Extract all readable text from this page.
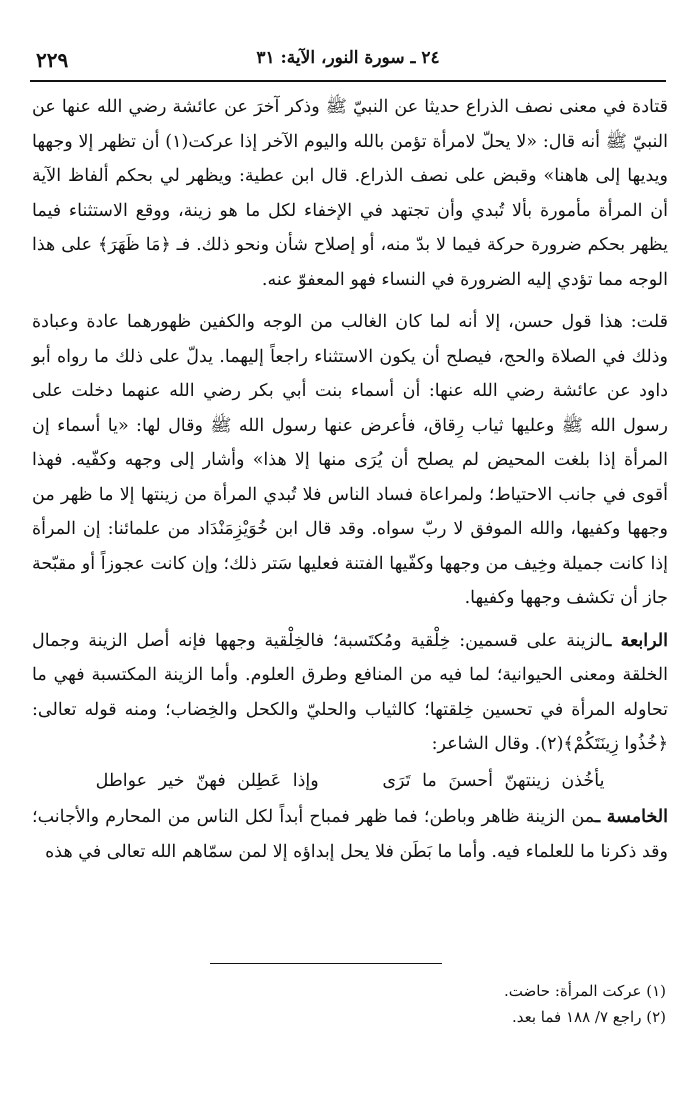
٢٤ ـ سورة النور، الآية: ٣١
٢٢٩

قتادة في معنى نصف الذراع حديثا عن النبيّ ﷺ وذكر آخرَ عن عائشة رضي الله عنها عن النبيّ ﷺ أنه قال: «لا يحلّ لامرأة تؤمن بالله واليوم الآخر إذا عركت(١) أن تظهر إلا وجهها ويديها إلى هاهنا» وقبض على نصف الذراع. قال ابن عطية: ويظهر لي بحكم ألفاظ الآية أن المرأة مأمورة بألا تُبدي وأن تجتهد في الإخفاء لكل ما هو زينة، ووقع الاستثناء فيما يظهر بحكم ضرورة حركة فيما لا بدّ منه، أو إصلاح شأن ونحو ذلك. فـ ﴿مَا ظَهَرَ﴾ على هذا الوجه مما تؤدي إليه الضرورة في النساء فهو المعفوّ عنه.

قلت: هذا قول حسن، إلا أنه لما كان الغالب من الوجه والكفين ظهورهما عادة وعبادة وذلك في الصلاة والحج، فيصلح أن يكون الاستثناء راجعاً إليهما. يدلّ على ذلك ما رواه أبو داود عن عائشة رضي الله عنها: أن أسماء بنت أبي بكر رضي الله عنهما دخلت على رسول الله ﷺ وعليها ثياب رِقاق، فأعرض عنها رسول الله ﷺ وقال لها: «يا أسماء إن المرأة إذا بلغت المحيض لم يصلح أن يُرَى منها إلا هذا» وأشار إلى وجهه وكفّيه. فهذا أقوى في جانب الاحتياط؛ ولمراعاة فساد الناس فلا تُبدي المرأة من زينتها إلا ما ظهر من وجهها وكفيها، والله الموفق لا ربّ سواه. وقد قال ابن خُوَيْزِمَنْدَاد من علمائنا: إن المرأة إذا كانت جميلة وخِيف من وجهها وكفّيها الفتنة فعليها سَتر ذلك؛ وإن كانت عجوزاً أو مقبّحة جاز أن تكشف وجهها وكفيها.

الرابعة ـالزينة على قسمين: خِلْقية ومُكتَسبة؛ فالخِلْقية وجهها فإنه أصل الزينة وجمال الخلقة ومعنى الحيوانية؛ لما فيه من المنافع وطرق العلوم. وأما الزينة المكتسبة فهي ما تحاوله المرأة في تحسين خِلقتها؛ كالثياب والحليّ والكحل والخِضاب؛ ومنه قوله تعالى: ﴿خُذُوا زِينَتَكُمْ﴾(٢). وقال الشاعر:

يأخُذن زينتهنّ أحسنَ ما تَرَى وإذا عَطِلن فهنّ خير عواطل

الخامسة ـمن الزينة ظاهر وباطن؛ فما ظهر فمباح أبداً لكل الناس من المحارم والأجانب؛ وقد ذكرنا ما للعلماء فيه. وأما ما بَطَن فلا يحل إبداؤه إلا لمن سمّاهم الله تعالى في هذه

(١) عركت المرأة: حاضت.

(٢) راجع ٧/ ١٨٨ فما بعد.
